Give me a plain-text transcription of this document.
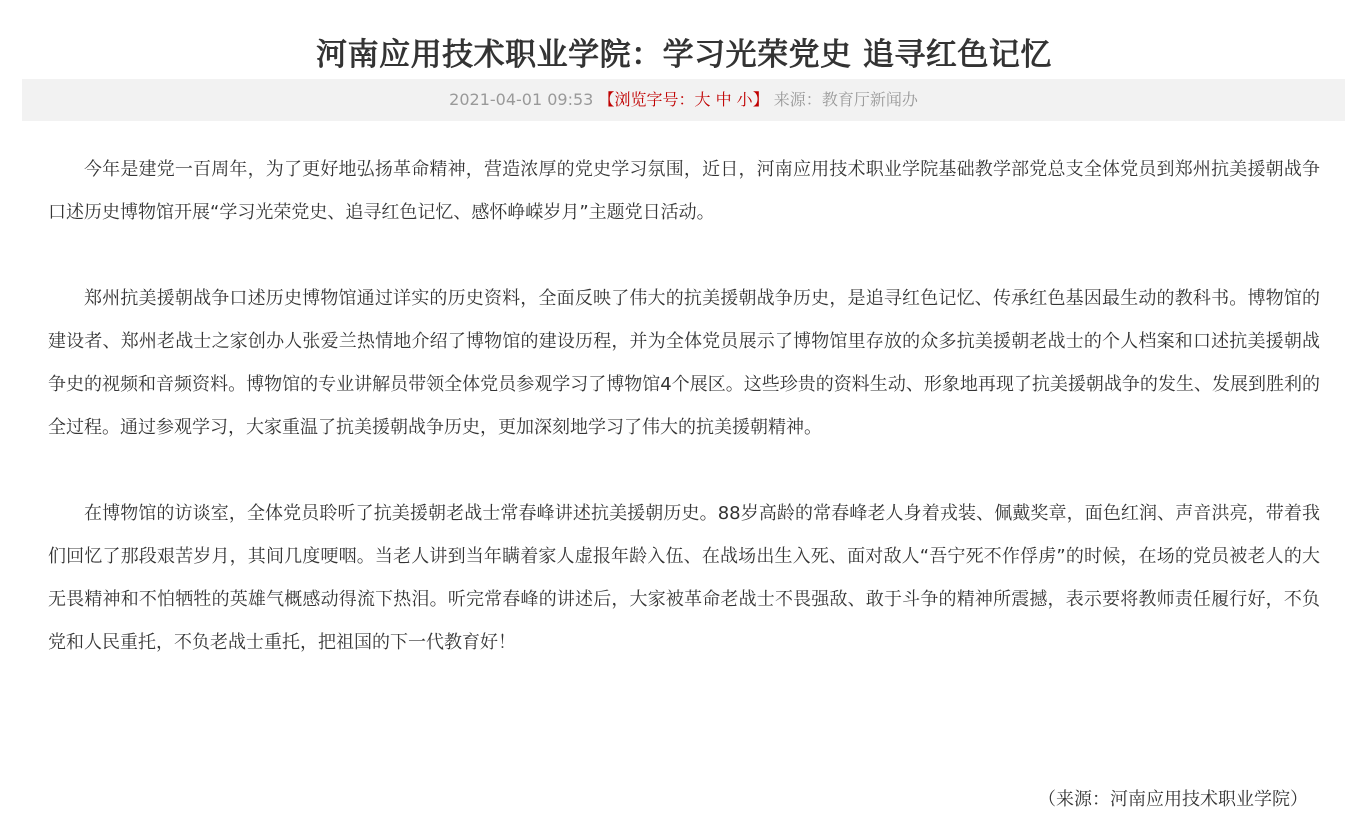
河南应用技术职业学院：学习光荣党史 追寻红色记忆
2021-04-01 09:53 【浏览字号：大 中 小】 来源：教育厅新闻办

今年是建党一百周年，为了更好地弘扬革命精神，营造浓厚的党史学习氛围，近日，河南应用技术职业学院基础教学部党总支全体党员到郑州抗美援朝战争口述历史博物馆开展“学习光荣党史、追寻红色记忆、感怀峥嵘岁月”主题党日活动。

郑州抗美援朝战争口述历史博物馆通过详实的历史资料，全面反映了伟大的抗美援朝战争历史，是追寻红色记忆、传承红色基因最生动的教科书。博物馆的建设者、郑州老战士之家创办人张爱兰热情地介绍了博物馆的建设历程，并为全体党员展示了博物馆里存放的众多抗美援朝老战士的个人档案和口述抗美援朝战争史的视频和音频资料。博物馆的专业讲解员带领全体党员参观学习了博物馆4个展区。这些珍贵的资料生动、形象地再现了抗美援朝战争的发生、发展到胜利的全过程。通过参观学习，大家重温了抗美援朝战争历史，更加深刻地学习了伟大的抗美援朝精神。

在博物馆的访谈室，全体党员聆听了抗美援朝老战士常春峰讲述抗美援朝历史。88岁高龄的常春峰老人身着戎装、佩戴奖章，面色红润、声音洪亮，带着我们回忆了那段艰苦岁月，其间几度哽咽。当老人讲到当年瞒着家人虚报年龄入伍、在战场出生入死、面对敌人“吾宁死不作俘虏”的时候，在场的党员被老人的大无畏精神和不怕牺牲的英雄气概感动得流下热泪。听完常春峰的讲述后，大家被革命老战士不畏强敌、敢于斗争的精神所震撼，表示要将教师责任履行好，不负党和人民重托，不负老战士重托，把祖国的下一代教育好！

（来源：河南应用技术职业学院）
